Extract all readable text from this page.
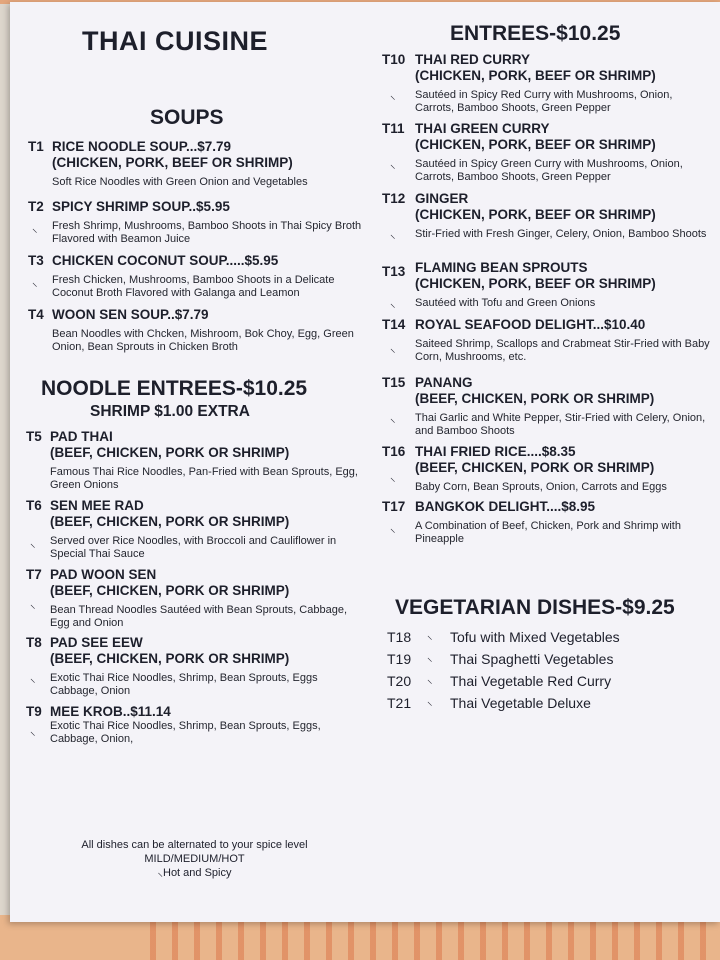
THAI CUISINE
SOUPS
T1 RICE NOODLE SOUP...$7.79
(CHICKEN, PORK, BEEF OR SHRIMP)
Soft Rice Noodles with Green Onion and Vegetables
T2
⸜
SPICY SHRIMP SOUP..$5.95
Fresh Shrimp, Mushrooms, Bamboo Shoots in Thai Spicy Broth Flavored with Beamon Juice
T3
⸜
CHICKEN COCONUT SOUP.....$5.95
Fresh Chicken, Mushrooms, Bamboo Shoots in a Delicate Coconut Broth Flavored with Galanga and Leamon
T4 WOON SEN SOUP..$7.79
Bean Noodles with Chcken, Mishroom, Bok Choy, Egg, Green Onion, Bean Sprouts in Chicken Broth
NOODLE ENTREES-$10.25
SHRIMP $1.00 EXTRA
T5 PAD THAI
(BEEF, CHICKEN, PORK OR SHRIMP)
Famous Thai Rice Noodles, Pan-Fried with Bean Sprouts, Egg, Green Onions
T6
⸜
SEN MEE RAD
(BEEF, CHICKEN, PORK OR SHRIMP)
Served over Rice Noodles, with Broccoli and Cauliflower in Special Thai Sauce
T7
⸜
PAD WOON SEN
(BEEF, CHICKEN, PORK OR SHRIMP)
Bean Thread Noodles Sautéed with Bean Sprouts, Cabbage, Egg and Onion
T8
⸜
PAD SEE EEW
(BEEF, CHICKEN, PORK OR SHRIMP)
Exotic Thai Rice Noodles, Shrimp, Bean Sprouts, Eggs Cabbage, Onion
T9
⸜
MEE KROB..$11.14
Exotic Thai Rice Noodles, Shrimp, Bean Sprouts, Eggs, Cabbage, Onion,
All dishes can be alternated to your spice level
MILD/MEDIUM/HOT
⸜Hot and Spicy
ENTREES-$10.25
T10
⸜
THAI RED CURRY
(CHICKEN, PORK, BEEF OR SHRIMP)
Sautéed in Spicy Red Curry with Mushrooms, Onion, Carrots, Bamboo Shoots, Green Pepper
T11
⸜
THAI GREEN CURRY
(CHICKEN, PORK, BEEF OR SHRIMP)
Sautéed in Spicy Green Curry with Mushrooms, Onion, Carrots, Bamboo Shoots, Green Pepper
T12
⸜
GINGER
(CHICKEN, PORK, BEEF OR SHRIMP)
Stir-Fried with Fresh Ginger, Celery, Onion, Bamboo Shoots
T13
⸜
FLAMING BEAN SPROUTS
(CHICKEN, PORK, BEEF OR SHRIMP)
Sautéed with Tofu and Green Onions
T14
⸜
ROYAL SEAFOOD DELIGHT...$10.40
Saiteed Shrimp, Scallops and Crabmeat Stir-Fried with Baby Corn, Mushrooms, etc.
T15
⸜
PANANG
(BEEF, CHICKEN, PORK OR SHRIMP)
Thai Garlic and White Pepper, Stir-Fried with Celery, Onion, and Bamboo Shoots
T16
⸜
THAI FRIED RICE....$8.35
(BEEF, CHICKEN, PORK OR SHRIMP)
Baby Corn, Bean Sprouts, Onion, Carrots and Eggs
T17
⸜
BANGKOK DELIGHT....$8.95
A Combination of Beef, Chicken, Pork and Shrimp with Pineapple
VEGETARIAN DISHES-$9.25
T18 ⸜ Tofu with Mixed Vegetables
T19 ⸜ Thai Spaghetti Vegetables
T20 ⸜ Thai Vegetable Red Curry
T21 ⸜ Thai Vegetable Deluxe
